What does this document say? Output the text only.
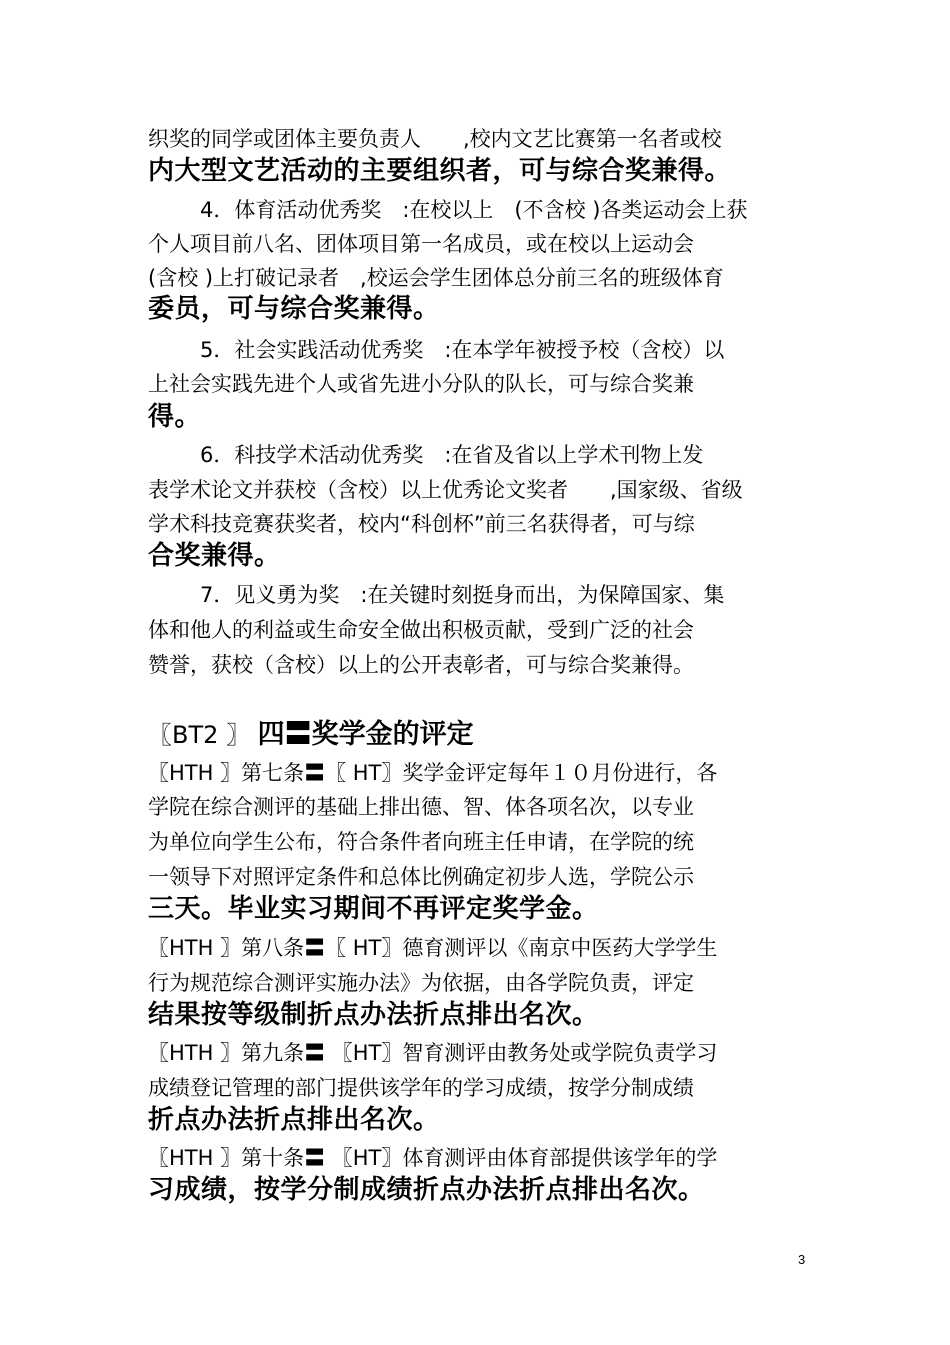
织奖的同学或团体主要负责人　　,校内文艺比赛第一名者或校
内大型文艺活动的主要组织者，可与综合奖兼得。
4．体育活动优秀奖　:在校以上　(不含校 )各类运动会上获
个人项目前八名、团体项目第一名成员，或在校以上运动会
(含校 )上打破记录者　,校运会学生团体总分前三名的班级体育
委员，可与综合奖兼得。
5．社会实践活动优秀奖　:在本学年被授予校（含校）以
上社会实践先进个人或省先进小分队的队长，可与综合奖兼
得。
6．科技学术活动优秀奖　:在省及省以上学术刊物上发
表学术论文并获校（含校）以上优秀论文奖者　　,国家级、省级
学术科技竞赛获奖者，校内“科创杯”前三名获得者，可与综
合奖兼得。
7．见义勇为奖　:在关键时刻挺身而出，为保障国家、集
体和他人的利益或生命安全做出积极贡献，受到广泛的社会
赞誉，获校（含校）以上的公开表彰者，可与综合奖兼得。
〖BT2 〗 四〓奖学金的评定
〖HTH 〗第七条〓〖 HT〗奖学金评定每年１０月份进行，各
学院在综合测评的基础上排出德、智、体各项名次，以专业
为单位向学生公布，符合条件者向班主任申请，在学院的统
一领导下对照评定条件和总体比例确定初步人选，学院公示
三天。毕业实习期间不再评定奖学金。
〖HTH 〗第八条〓〖 HT〗德育测评以《南京中医药大学学生
行为规范综合测评实施办法》为依据，由各学院负责，评定
结果按等级制折点办法折点排出名次。
〖HTH 〗第九条〓 〖HT〗智育测评由教务处或学院负责学习
成绩登记管理的部门提供该学年的学习成绩，按学分制成绩
折点办法折点排出名次。
〖HTH 〗第十条〓 〖HT〗体育测评由体育部提供该学年的学
习成绩，按学分制成绩折点办法折点排出名次。
3
